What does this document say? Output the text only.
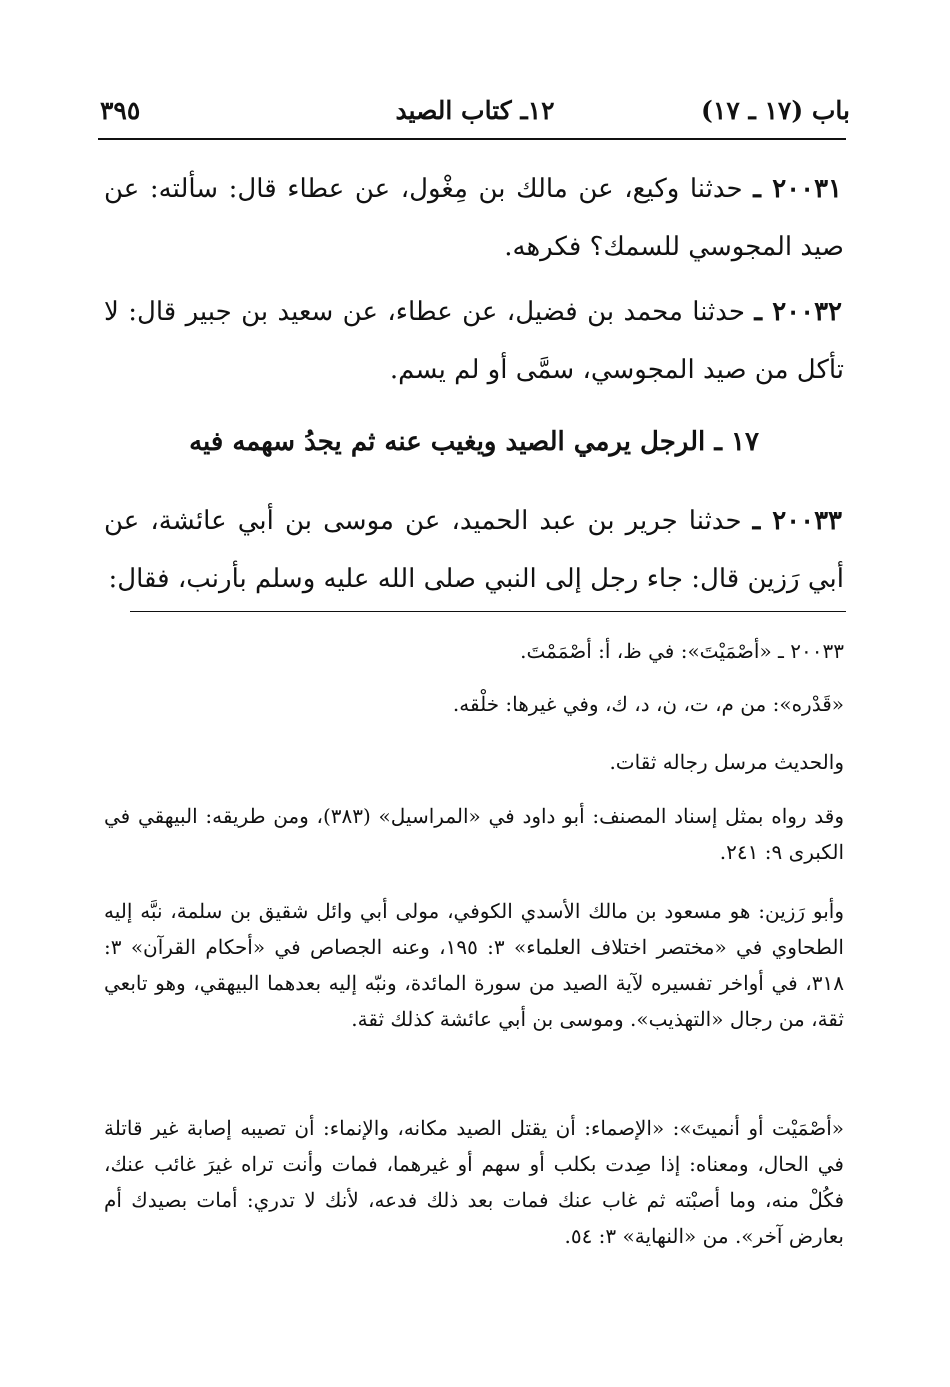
باب (١٧ ـ ١٧)
١٢ـ كتاب الصيد
٣٩٥
٢٠٠٣١ ـ حدثنا وكيع، عن مالك بن مِغْول، عن عطاء قال: سألته: عن صيد المجوسي للسمك؟ فكرهه.
٢٠٠٣٢ ـ حدثنا محمد بن فضيل، عن عطاء، عن سعيد بن جبير قال: لا تأكل من صيد المجوسي، سمَّى أو لم يسم.
١٧ ـ الرجل يرمي الصيد ويغيب عنه ثم يجدُ سهمه فيه
٢٠٠٣٣ ـ حدثنا جرير بن عبد الحميد، عن موسى بن أبي عائشة، عن أبي رَزين قال: جاء رجل إلى النبي صلى الله عليه وسلم بأرنب، فقال:
٢٠٠٣٣ ـ «أصْمَيْتَ»: في ظ، أ: أصْمَمْتَ.
«قَدْره»: من م، ت، ن، د، ك، وفي غيرها: خلْقه.
والحديث مرسل رجاله ثقات.
وقد رواه بمثل إسناد المصنف: أبو داود في «المراسيل» (٣٨٣)، ومن طريقه: البيهقي في الكبرى ٩: ٢٤١.
وأبو رَزين: هو مسعود بن مالك الأسدي الكوفي، مولى أبي وائل شقيق بن سلمة، نبَّه إليه الطحاوي في «مختصر اختلاف العلماء» ٣: ١٩٥، وعنه الجصاص في «أحكام القرآن» ٣: ٣١٨، في أواخر تفسيره لآية الصيد من سورة المائدة، ونبّه إليه بعدهما البيهقي، وهو تابعي ثقة، من رجال «التهذيب». وموسى بن أبي عائشة كذلك ثقة.
«أصْمَيْت أو أنميتَ»: «الإصماء: أن يقتل الصيد مكانه، والإنماء: أن تصيبه إصابة غير قاتلة في الحال، ومعناه: إذا صِدت بكلب أو سهم أو غيرهما، فمات وأنت تراه غيرَ غائب عنك، فكُلْ منه، وما أصبْته ثم غاب عنك فمات بعد ذلك فدعه، لأنك لا تدري: أمات بصيدك أم بعارض آخر». من «النهاية» ٣: ٥٤.
